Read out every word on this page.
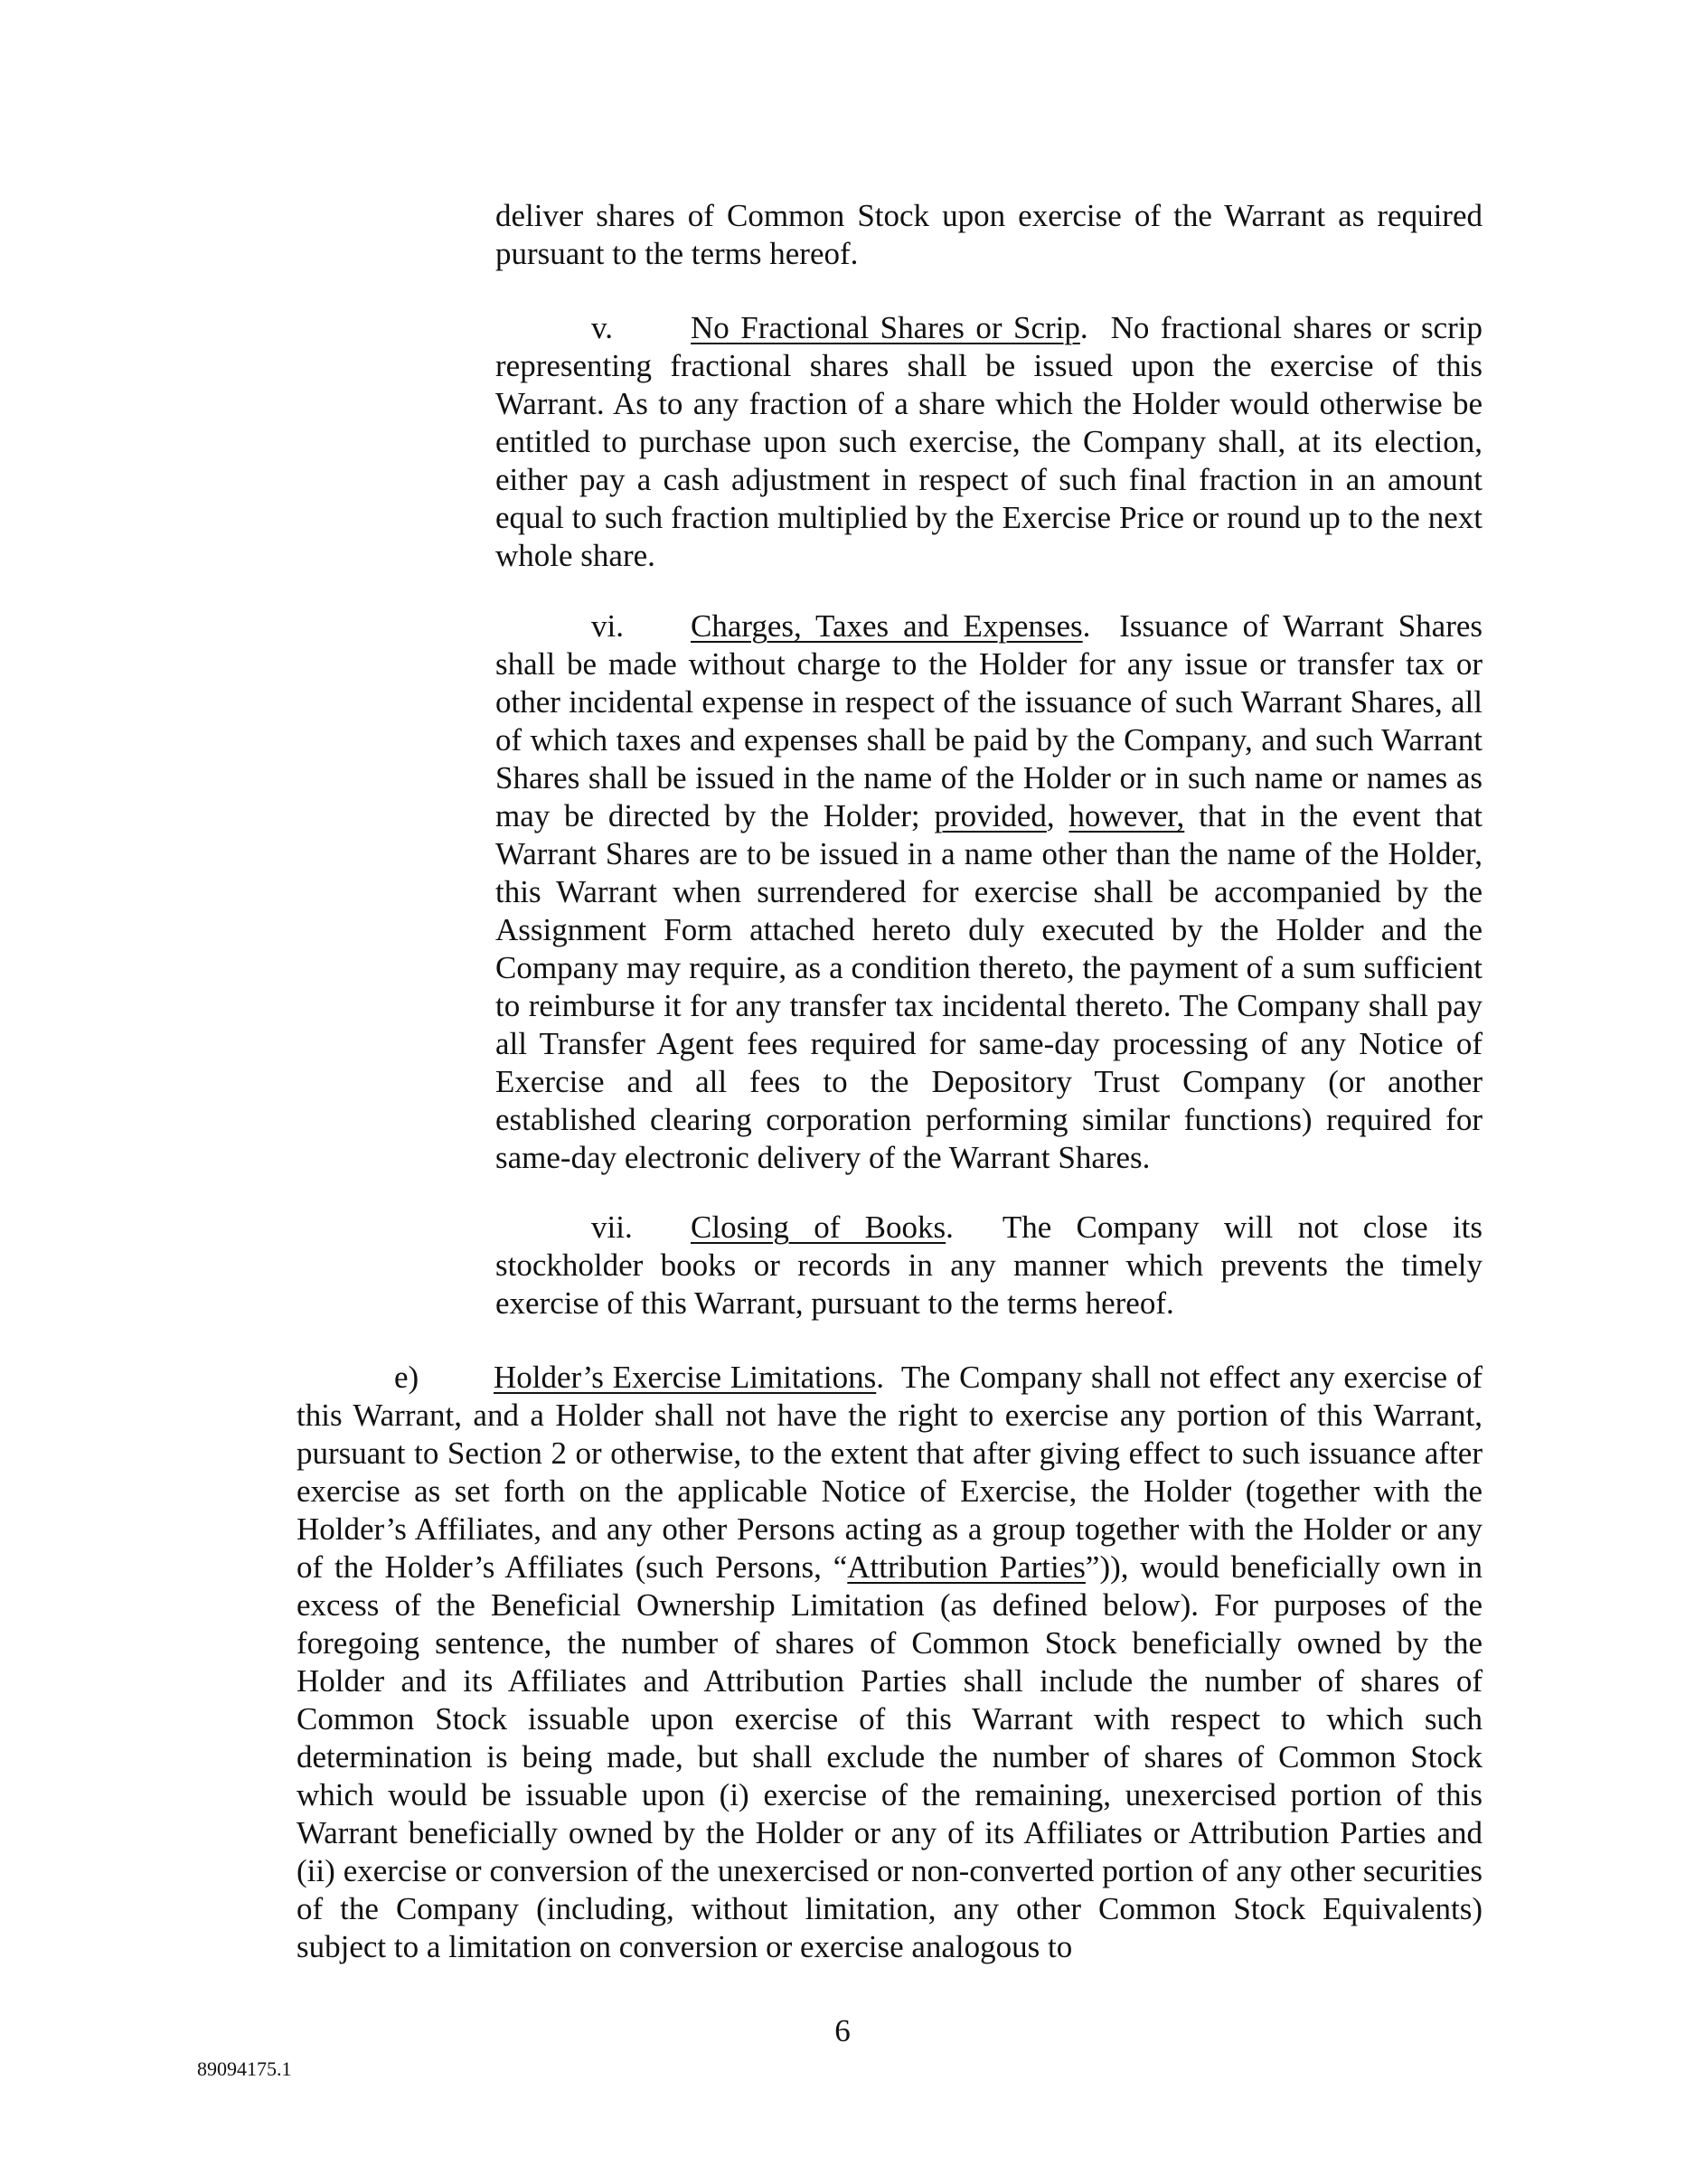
deliver shares of Common Stock upon exercise of the Warrant as required pursuant to the terms hereof.

v. No Fractional Shares or Scrip.  No fractional shares or scrip representing fractional shares shall be issued upon the exercise of this Warrant. As to any fraction of a share which the Holder would otherwise be entitled to purchase upon such exercise, the Company shall, at its election, either pay a cash adjustment in respect of such final fraction in an amount equal to such fraction multiplied by the Exercise Price or round up to the next whole share.

vi. Charges, Taxes and Expenses.  Issuance of Warrant Shares shall be made without charge to the Holder for any issue or transfer tax or other incidental expense in respect of the issuance of such Warrant Shares, all of which taxes and expenses shall be paid by the Company, and such Warrant Shares shall be issued in the name of the Holder or in such name or names as may be directed by the Holder; provided, however, that in the event that Warrant Shares are to be issued in a name other than the name of the Holder, this Warrant when surrendered for exercise shall be accompanied by the Assignment Form attached hereto duly executed by the Holder and the Company may require, as a condition thereto, the payment of a sum sufficient to reimburse it for any transfer tax incidental thereto. The Company shall pay all Transfer Agent fees required for same-day processing of any Notice of Exercise and all fees to the Depository Trust Company (or another established clearing corporation performing similar functions) required for same-day electronic delivery of the Warrant Shares.

vii. Closing of Books.  The Company will not close its stockholder books or records in any manner which prevents the timely exercise of this Warrant, pursuant to the terms hereof.

e) Holder’s Exercise Limitations.  The Company shall not effect any exercise of this Warrant, and a Holder shall not have the right to exercise any portion of this Warrant, pursuant to Section 2 or otherwise, to the extent that after giving effect to such issuance after exercise as set forth on the applicable Notice of Exercise, the Holder (together with the Holder’s Affiliates, and any other Persons acting as a group together with the Holder or any of the Holder’s Affiliates (such Persons, “Attribution Parties”)), would beneficially own in excess of the Beneficial Ownership Limitation (as defined below). For purposes of the foregoing sentence, the number of shares of Common Stock beneficially owned by the Holder and its Affiliates and Attribution Parties shall include the number of shares of Common Stock issuable upon exercise of this Warrant with respect to which such determination is being made, but shall exclude the number of shares of Common Stock which would be issuable upon (i) exercise of the remaining, unexercised portion of this Warrant beneficially owned by the Holder or any of its Affiliates or Attribution Parties and (ii) exercise or conversion of the unexercised or non-converted portion of any other securities of the Company (including, without limitation, any other Common Stock Equivalents) subject to a limitation on conversion or exercise analogous to

6
89094175.1
